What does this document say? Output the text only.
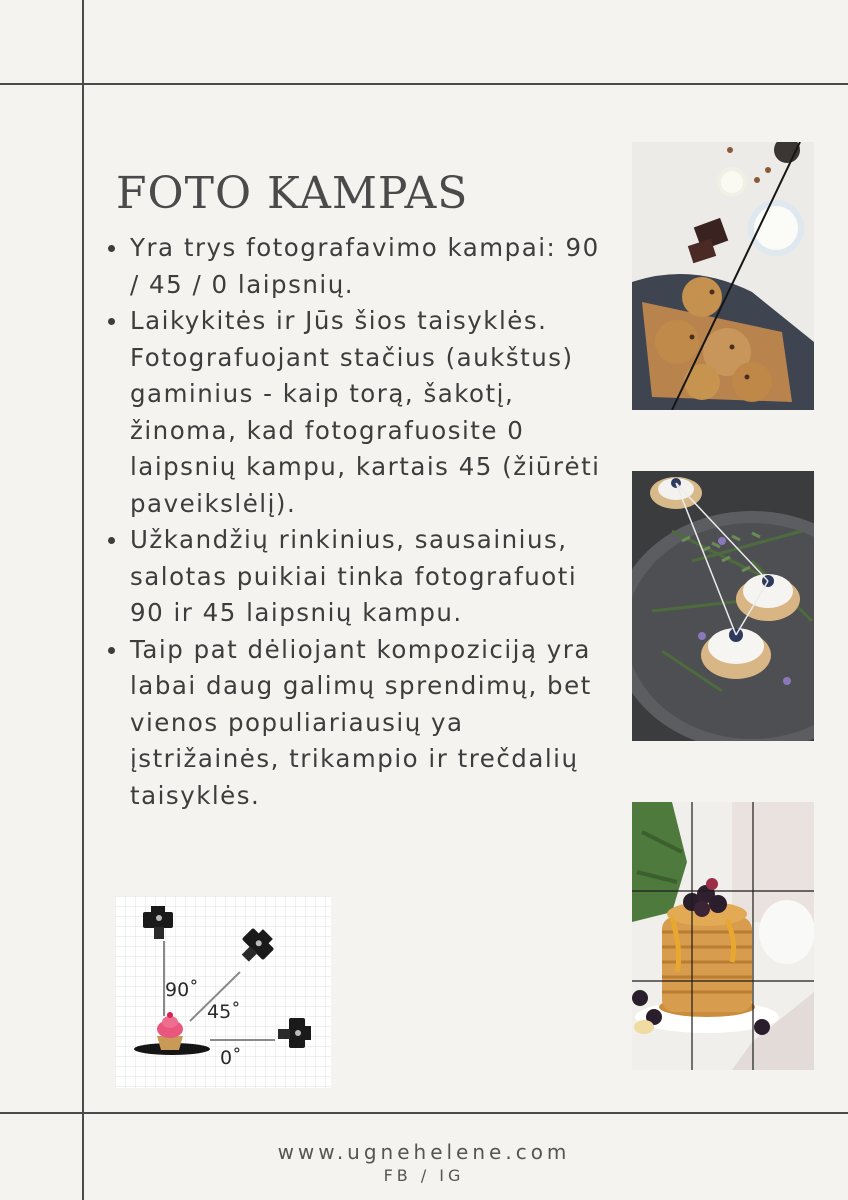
FOTO KAMPAS
Yra trys fotografavimo kampai: 90 / 45 / 0 laipsnių.
Laikykitės ir Jūs šios taisyklės. Fotografuojant stačius (aukštus) gaminius - kaip torą, šakotį, žinoma, kad fotografuosite 0 laipsnių kampu, kartais 45 (žiūrėti paveikslėlį).
Užkandžių rinkinius, sausainius, salotas puikiai tinka fotografuoti 90 ir 45 laipsnių kampu.
Taip pat dėliojant kompoziciją yra labai daug galimų sprendimų, bet vienos populiariausių ya įstrižainės, trikampio ir trečdalių taisyklės.
90˚
45˚
0˚
www.ugnehelene.com
FB / IG
